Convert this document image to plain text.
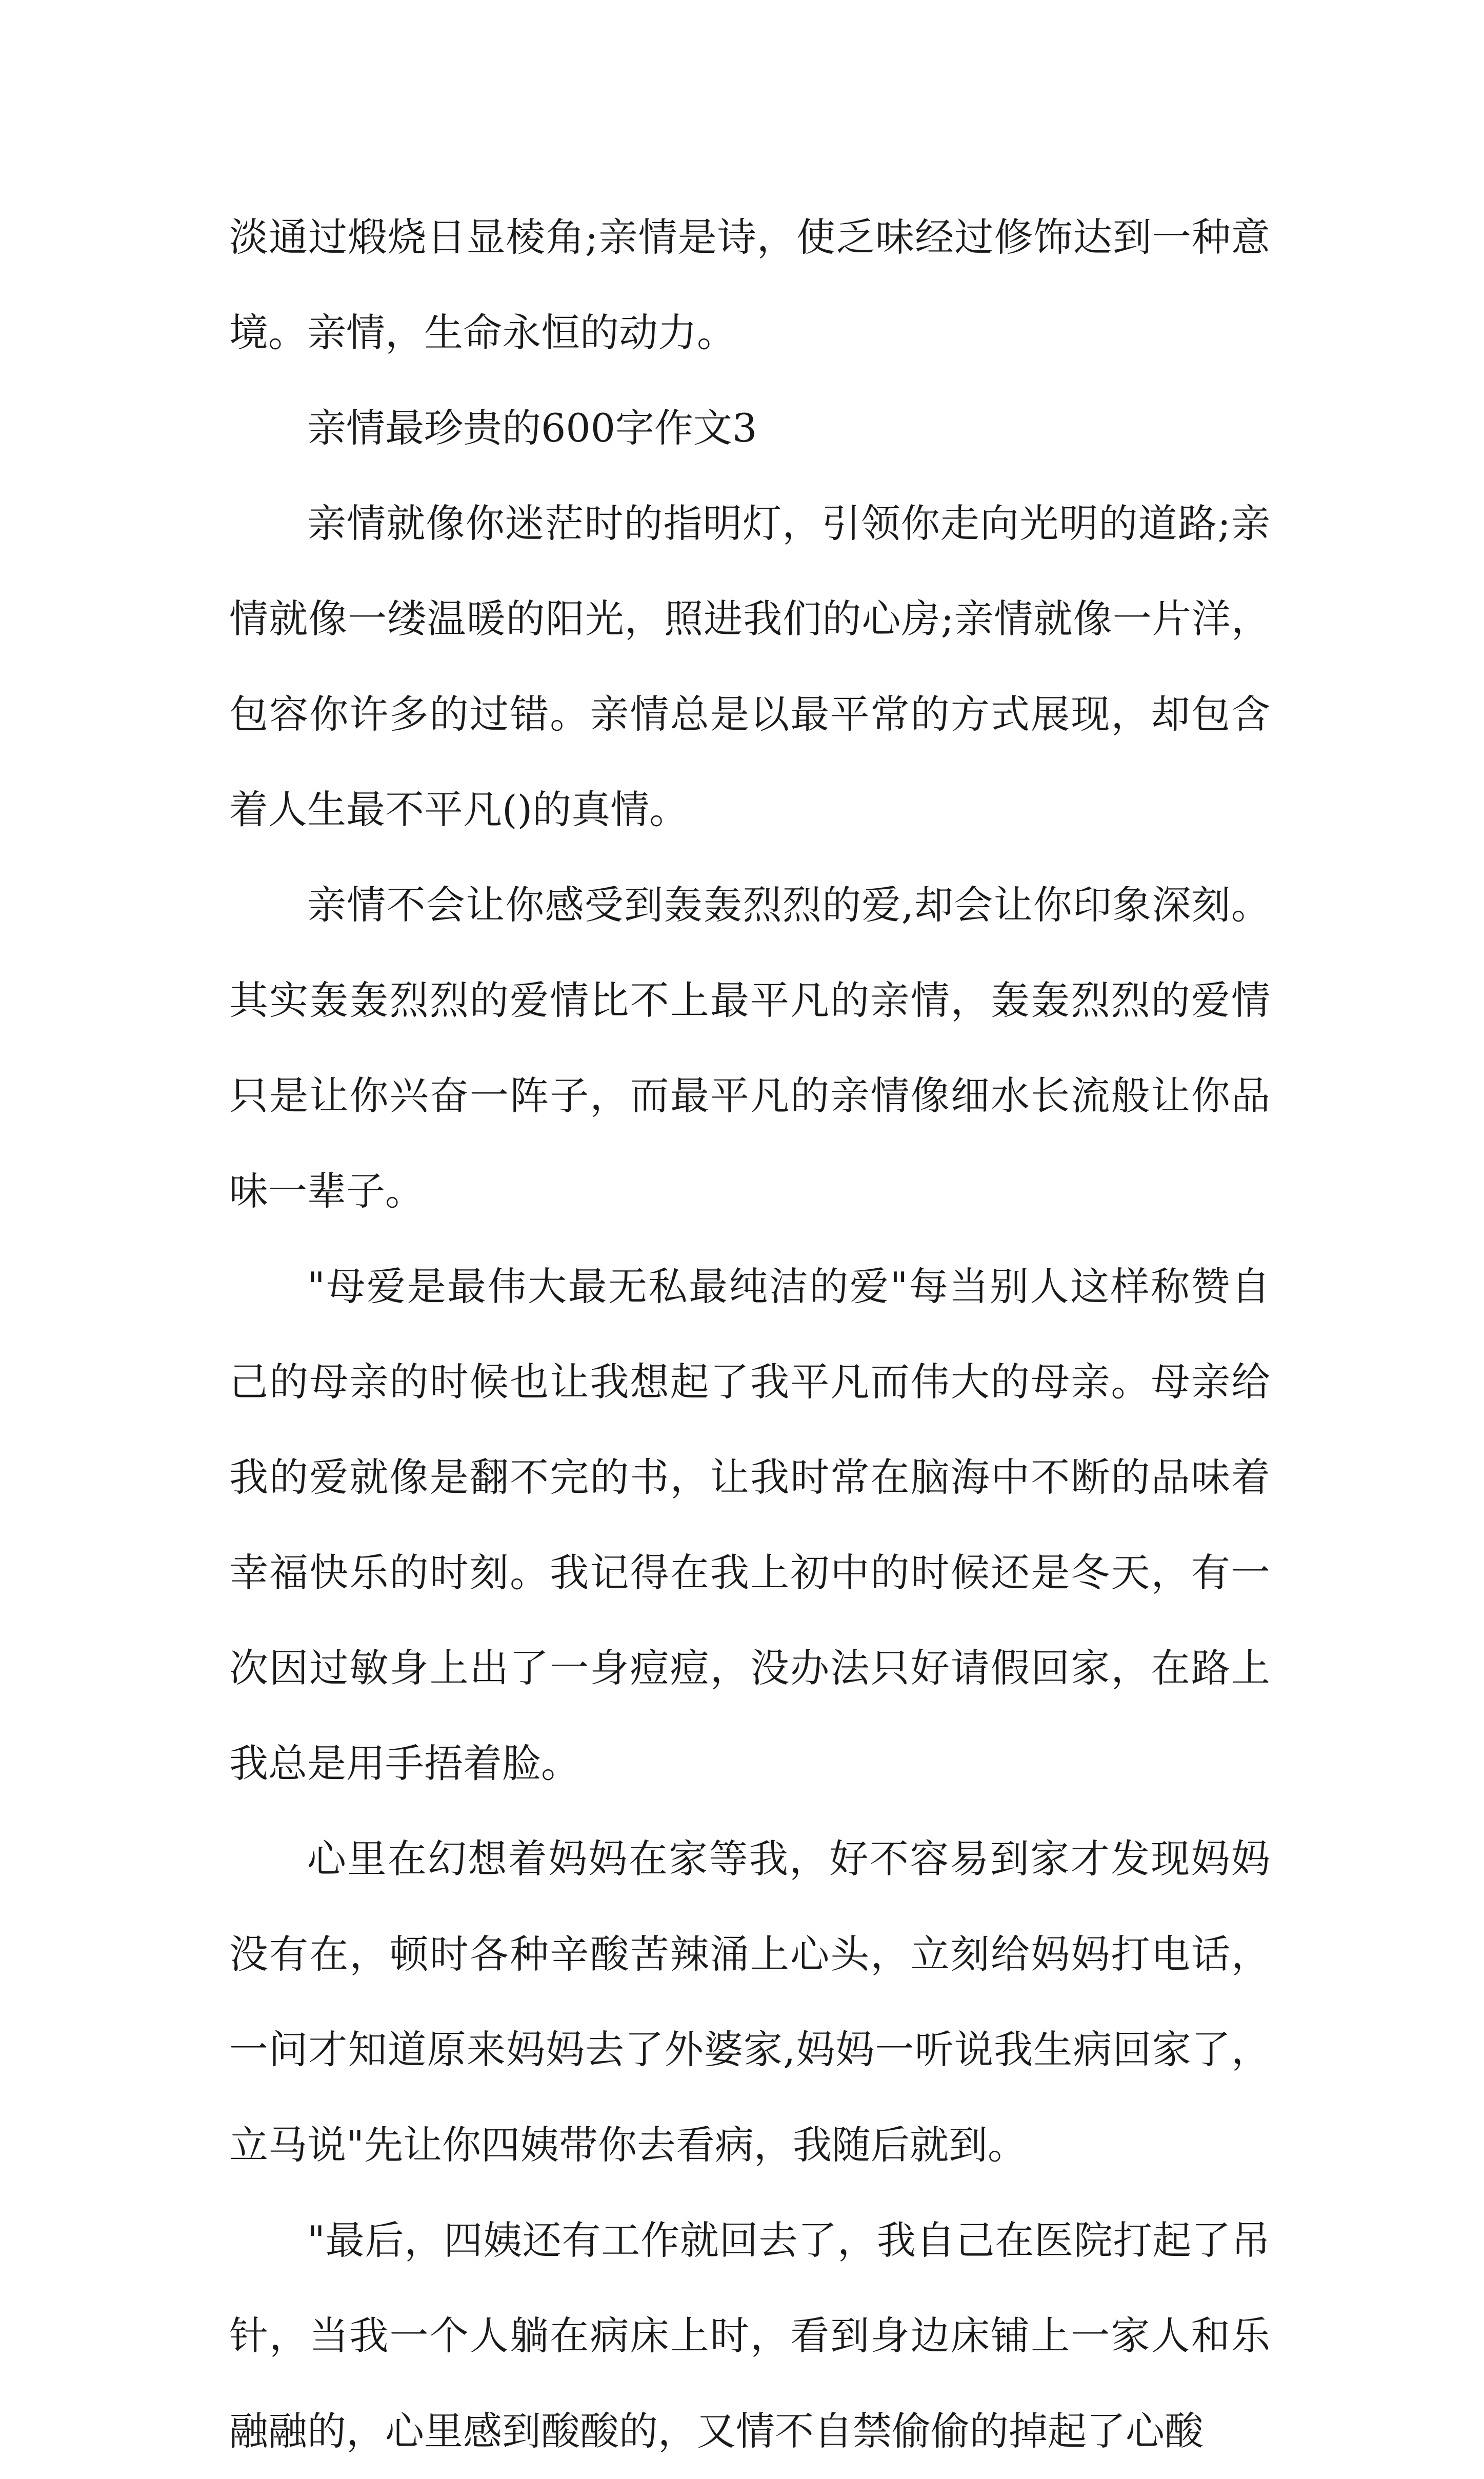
淡通过煅烧日显棱角;亲情是诗，使乏味经过修饰达到一种意境。亲情，生命永恒的动力。

亲情最珍贵的600字作文3

亲情就像你迷茫时的指明灯，引领你走向光明的道路;亲情就像一缕温暖的阳光，照进我们的心房;亲情就像一片洋，包容你许多的过错。亲情总是以最平常的方式展现，却包含着人生最不平凡()的真情。

亲情不会让你感受到轰轰烈烈的爱,却会让你印象深刻。其实轰轰烈烈的爱情比不上最平凡的亲情，轰轰烈烈的爱情只是让你兴奋一阵子，而最平凡的亲情像细水长流般让你品味一辈子。

"母爱是最伟大最无私最纯洁的爱"每当别人这样称赞自己的母亲的时候也让我想起了我平凡而伟大的母亲。母亲给我的爱就像是翻不完的书，让我时常在脑海中不断的品味着幸福快乐的时刻。我记得在我上初中的时候还是冬天，有一次因过敏身上出了一身痘痘，没办法只好请假回家，在路上我总是用手捂着脸。

心里在幻想着妈妈在家等我，好不容易到家才发现妈妈没有在，顿时各种辛酸苦辣涌上心头，立刻给妈妈打电话，一问才知道原来妈妈去了外婆家,妈妈一听说我生病回家了，立马说"先让你四姨带你去看病，我随后就到。

"最后，四姨还有工作就回去了，我自己在医院打起了吊针，当我一个人躺在病床上时，看到身边床铺上一家人和乐融融的，心里感到酸酸的，又情不自禁偷偷的掉起了心酸
